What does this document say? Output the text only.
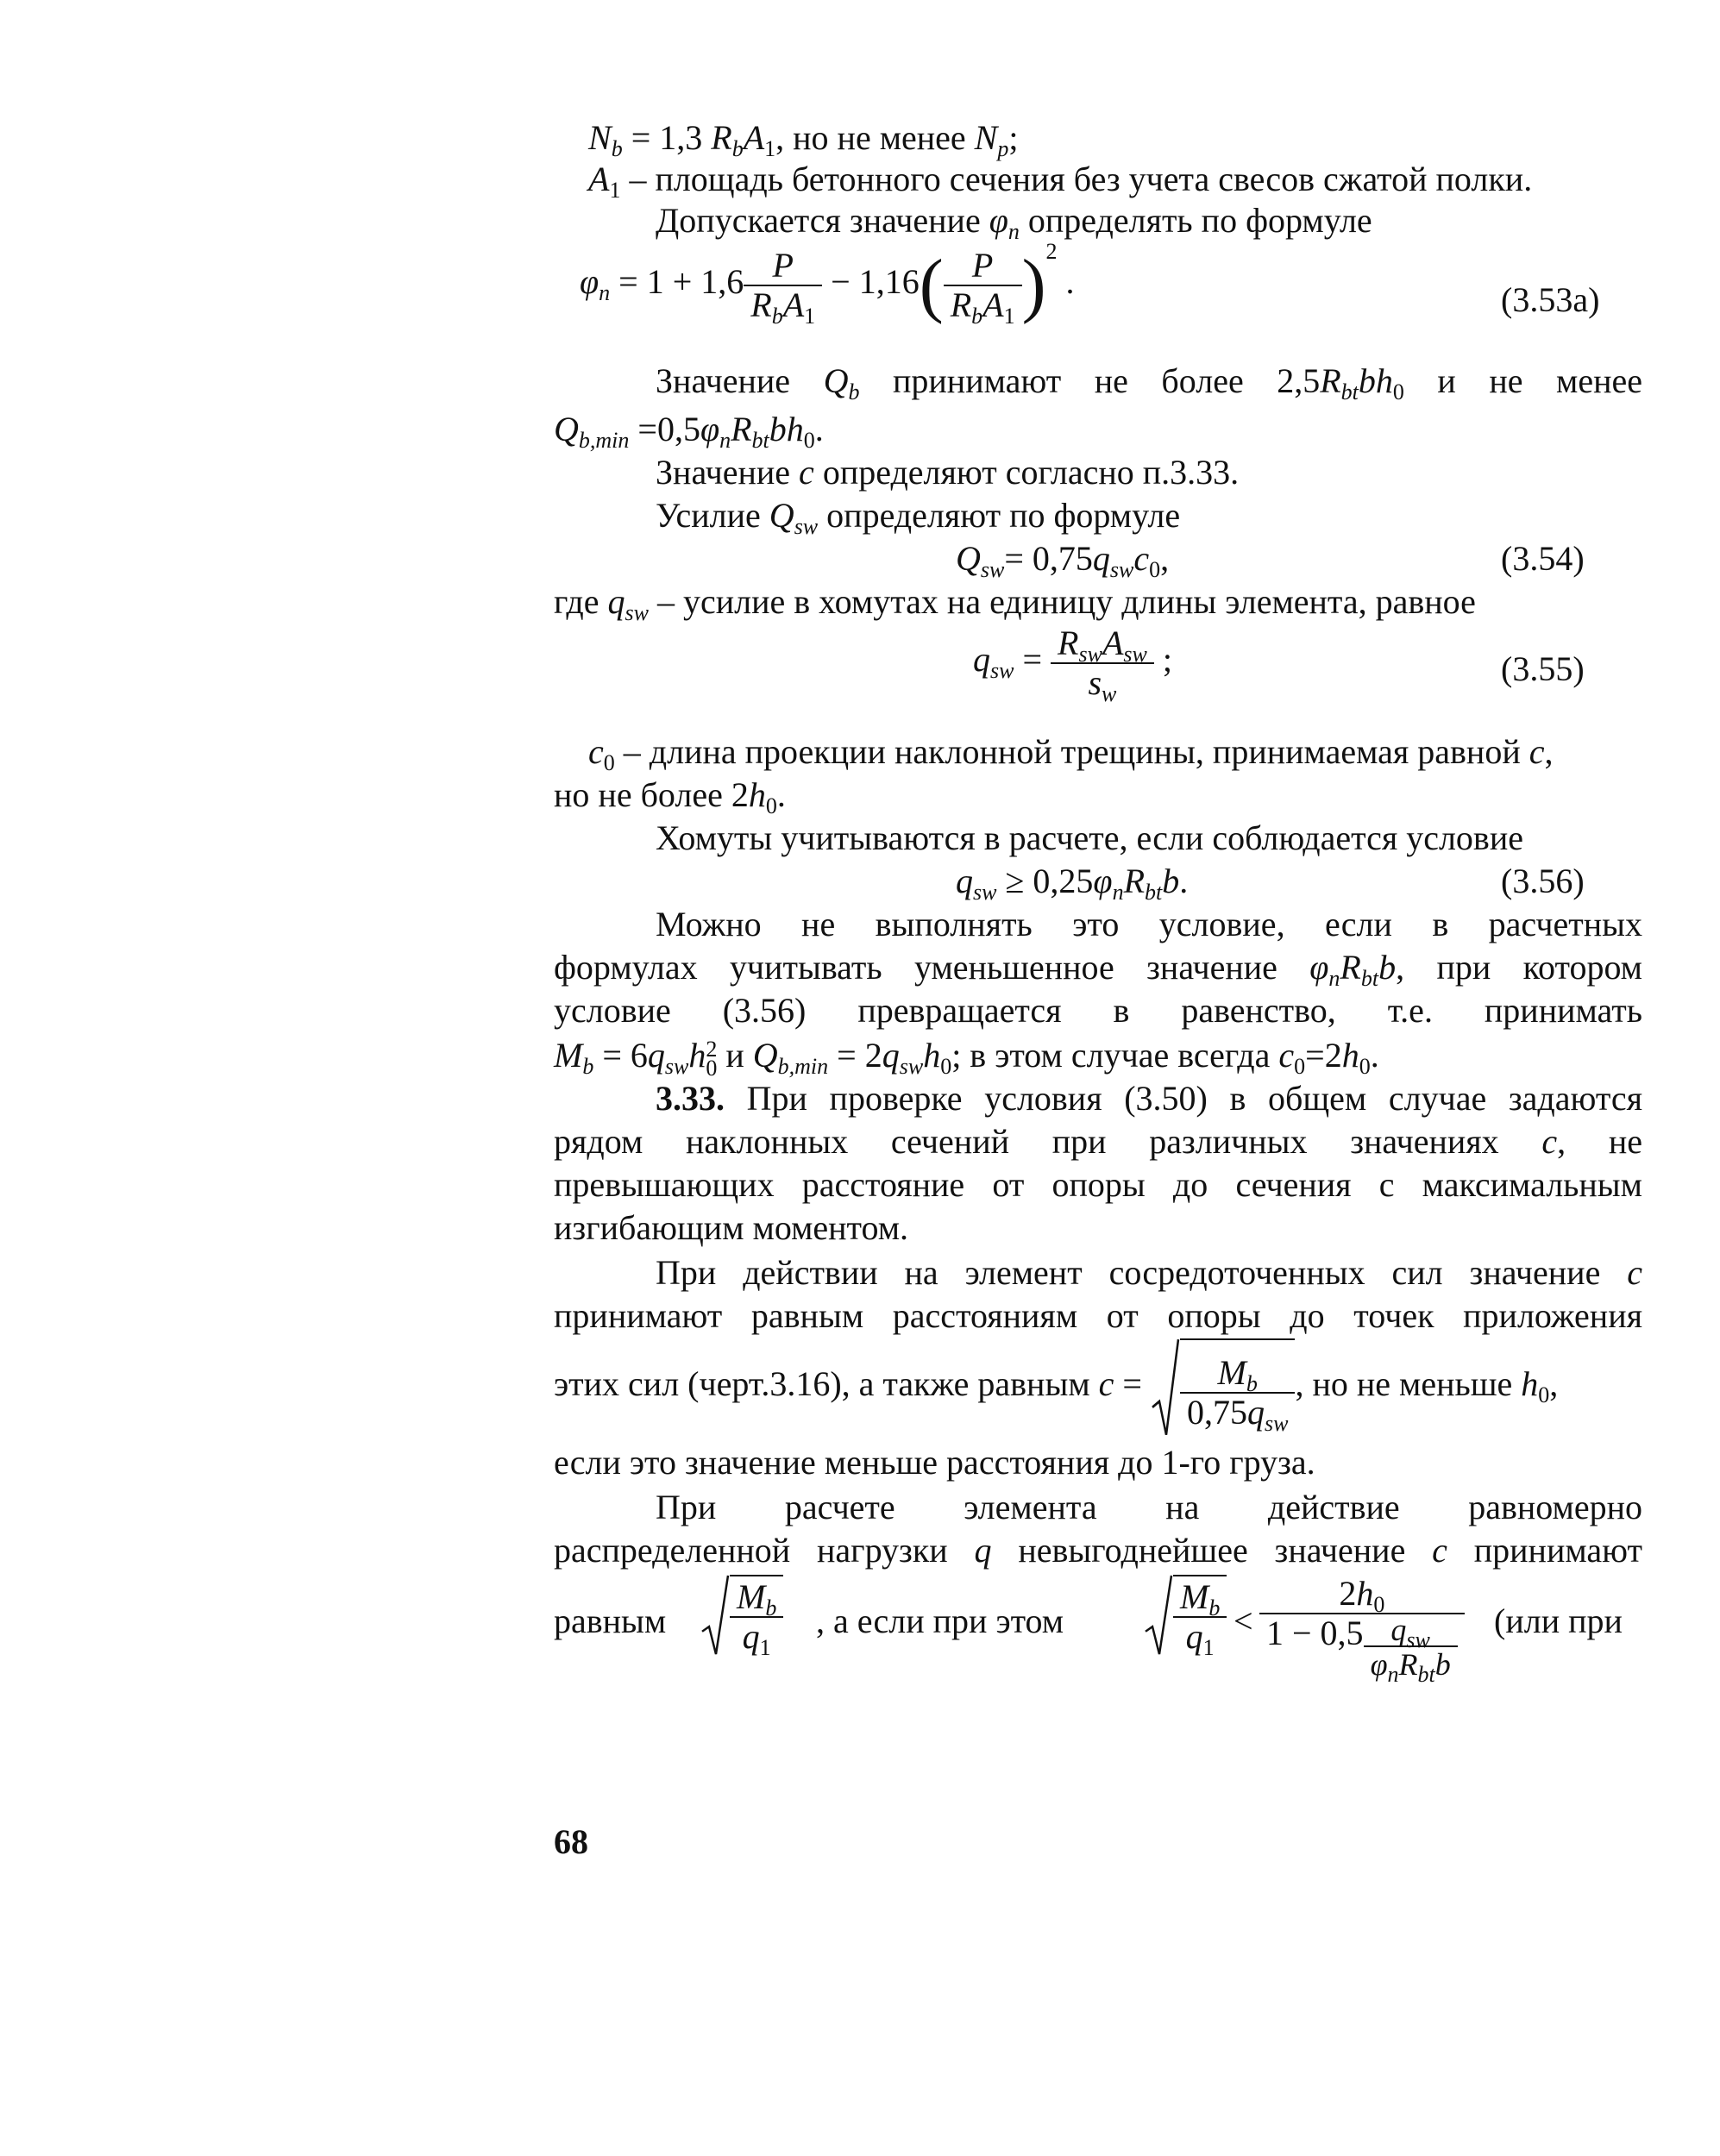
$N_b = 1,3$ $R_bA_1$, но не менее $N_p$;
$A_1$ – площадь бетонного сечения без учета свесов сжатой полки.
Допускается значение $\varphi_n$ определять по формуле
$\varphi_n = 1 + 1,6 \frac{P}{R_bA_1} - 1,16( \frac{P}{R_bA_1} )^2$ .	(3.53а)
Значение $Q_b$ принимают не более $2,5R_{bt}bh_0$ и не менее
$Q_{b,min} =0,5\varphi_nR_{bt}bh_0$.
Значение c определяют согласно п.3.33.
Усилие $Q_{sw}$ определяют по формуле
$Q_{sw}= 0,75q_{sw}c_0$,	(3.54)
где $q_{sw}$ – усилие в хомутах на единицу длины элемента, равное
$q_{sw} = \frac{R_{sw}A_{sw}}{s_w}$ ;	(3.55)
$c_0$ – длина проекции наклонной трещины, принимаемая равной c,
но не более $2h_0$.
Хомуты учитываются в расчете, если соблюдается условие
$q_{sw} \ge 0,25\varphi_nR_{bt}b$.	(3.56)
Можно не выполнять это условие, если в расчетных
формулах учитывать уменьшенное значение $\varphi_nR_{bt}b$, при котором
условие (3.56) превращается в равенство, т.е. принимать
$M_b = 6q_{sw}h$ 2
0 и $Q_{b,min} = 2q_{sw}h_0$; в этом случае всегда $c_0=2h_0$.
3.33. При проверке условия (3.50) в общем случае задаются
рядом наклонных сечений при различных значениях c, не
превышающих расстояние от опоры до сечения с максимальным
изгибающим моментом.
При действии на элемент сосредоточенных сил значение c
принимают равным расстояниям от опоры до точек приложения
этих сил (черт.3.16), а также равным $c = \frac{M_b}{0,75q_{sw}}$ , но не меньше $h_0$,
если это значение меньше расстояния до 1-го груза.
При расчете элемента на действие равномерно
распределенной нагрузки q невыгоднейшее значение c принимают
равным $\frac{M_b}{q_1}$ , а если при этом	$\frac{M_b}{q_1} < \frac{2h_0}{1 - 0,5 \frac{q_{sw}}{\varphi_nR_{bt}b}} (или$ при
68
